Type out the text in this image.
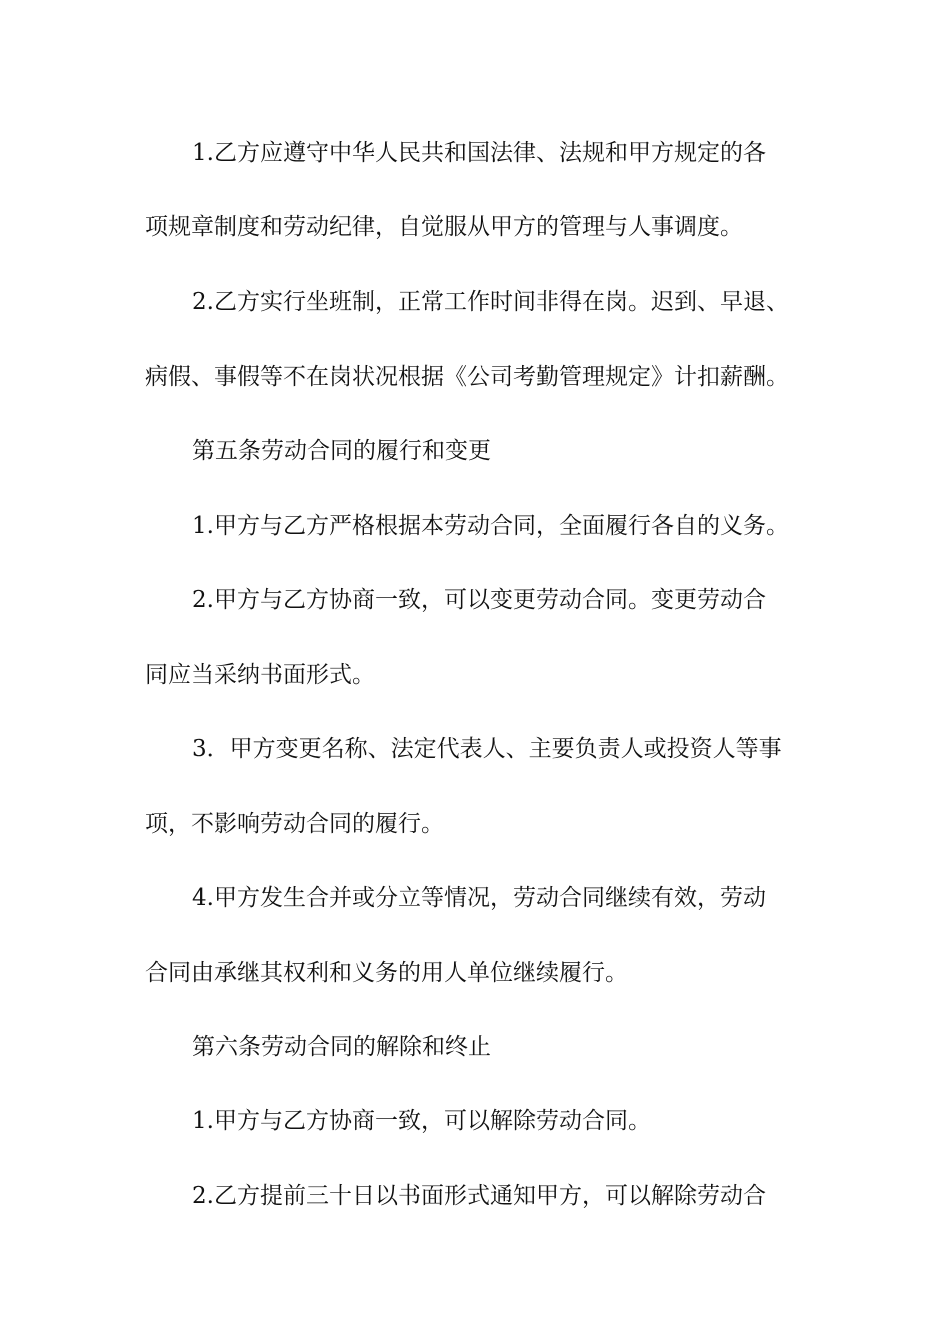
1.乙方应遵守中华人民共和国法律、法规和甲方规定的各
项规章制度和劳动纪律，自觉服从甲方的管理与人事调度。
2.乙方实行坐班制，正常工作时间非得在岗。迟到、早退、
病假、事假等不在岗状况根据《公司考勤管理规定》计扣薪酬。
第五条劳动合同的履行和变更
1.甲方与乙方严格根据本劳动合同，全面履行各自的义务。
2.甲方与乙方协商一致，可以变更劳动合同。变更劳动合
同应当采纳书面形式。
3．甲方变更名称、法定代表人、主要负责人或投资人等事
项，不影响劳动合同的履行。
4.甲方发生合并或分立等情况，劳动合同继续有效，劳动
合同由承继其权利和义务的用人单位继续履行。
第六条劳动合同的解除和终止
1.甲方与乙方协商一致，可以解除劳动合同。
2.乙方提前三十日以书面形式通知甲方，可以解除劳动合
